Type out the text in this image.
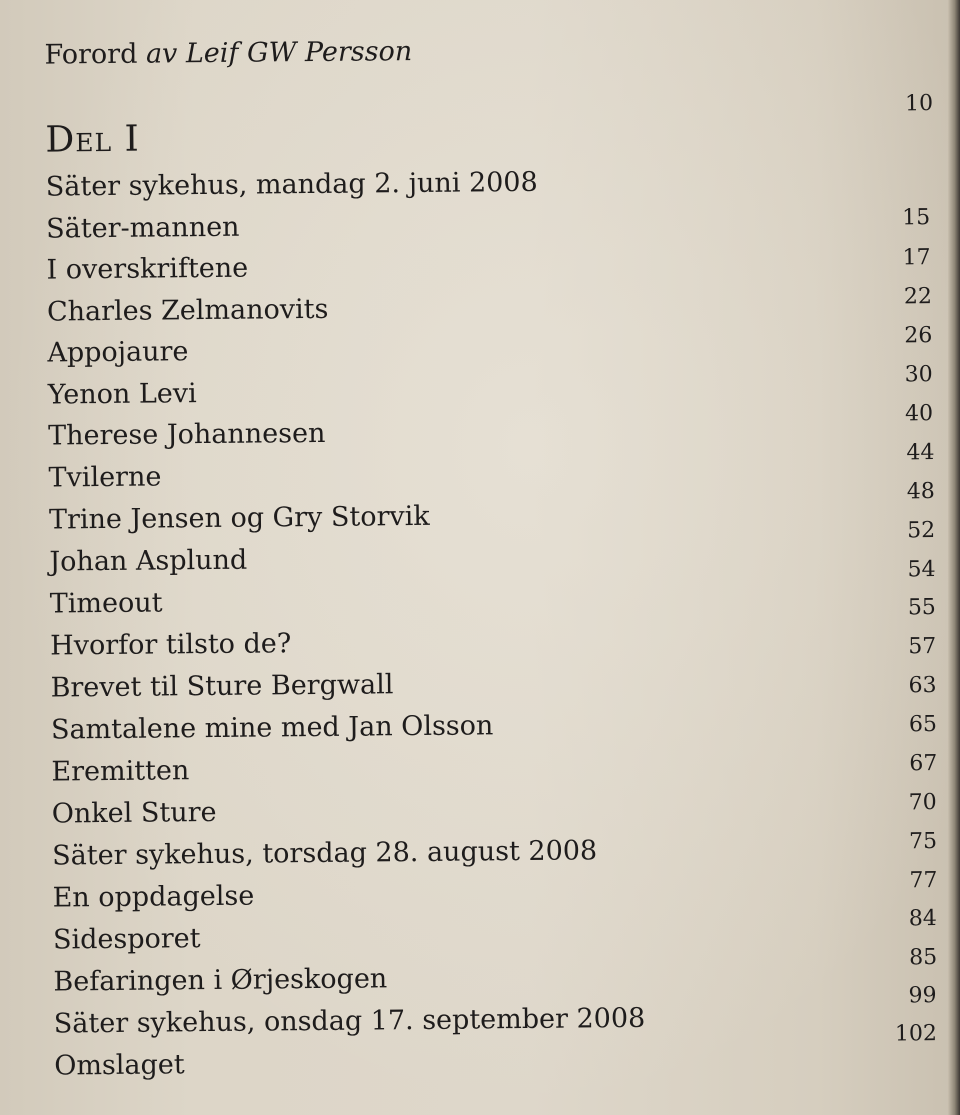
Forord av Leif GW Persson
Del I
10
Säter sykehus, mandag 2. juni 2008
Säter-mannen
I overskriftene
Charles Zelmanovits
Appojaure
Yenon Levi
Therese Johannesen
Tvilerne
Trine Jensen og Gry Storvik
Johan Asplund
Timeout
Hvorfor tilsto de?
Brevet til Sture Bergwall
Samtalene mine med Jan Olsson
Eremitten
Onkel Sture
Säter sykehus, torsdag 28. august 2008
En oppdagelse
Sidesporet
Befaringen i Ørjeskogen
Säter sykehus, onsdag 17. september 2008
Omslaget
15
17
22
26
30
40
44
48
52
54
55
57
63
65
67
70
75
77
84
85
99
102
